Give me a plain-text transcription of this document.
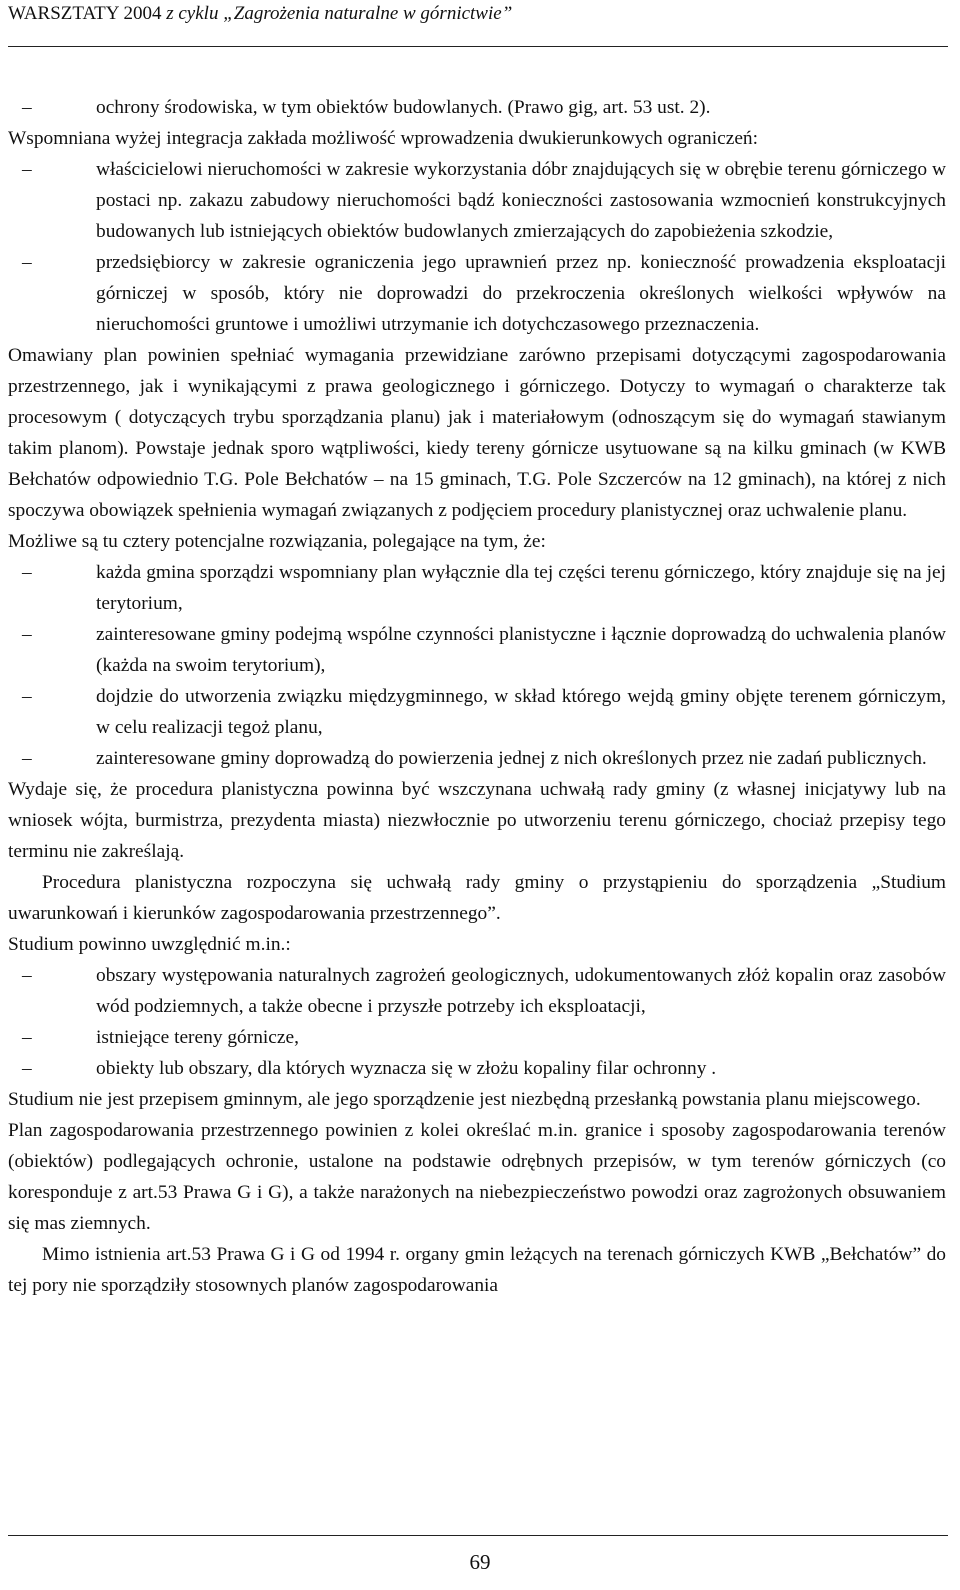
WARSZTATY 2004 z cyklu „Zagrożenia naturalne w górnictwie”
–	ochrony środowiska, w tym obiektów budowlanych. (Prawo gig, art. 53 ust. 2).

Wspomniana wyżej integracja zakłada możliwość wprowadzenia dwukierunkowych ograniczeń:

–	właścicielowi nieruchomości w zakresie wykorzystania dóbr znajdujących się w obrębie terenu górniczego w postaci np. zakazu zabudowy nieruchomości bądź konieczności zastosowania wzmocnień konstrukcyjnych budowanych lub istniejących obiektów budowlanych zmierzających do zapobieżenia szkodzie,
–	przedsiębiorcy w zakresie ograniczenia jego uprawnień przez np. konieczność prowadzenia eksploatacji górniczej w sposób, który nie doprowadzi do przekroczenia określonych wielkości wpływów na nieruchomości gruntowe i umożliwi utrzymanie ich dotychczasowego przeznaczenia.

Omawiany plan powinien spełniać wymagania przewidziane zarówno przepisami dotyczącymi zagospodarowania przestrzennego, jak i wynikającymi z prawa geologicznego i górniczego. Dotyczy to wymagań o charakterze tak procesowym ( dotyczących trybu sporządzania planu) jak i materiałowym (odnoszącym się do wymagań stawianym takim planom). Powstaje jednak sporo wątpliwości, kiedy tereny górnicze usytuowane są na kilku gminach (w KWB Bełchatów odpowiednio T.G. Pole Bełchatów – na 15 gminach, T.G. Pole Szczerców na 12 gminach), na której z nich spoczywa obowiązek spełnienia wymagań związanych z podjęciem procedury planistycznej oraz uchwalenie planu.

Możliwe są tu cztery potencjalne rozwiązania, polegające na tym, że:

–	każda gmina sporządzi wspomniany plan wyłącznie dla tej części terenu górniczego, który znajduje się na jej terytorium,
–	zainteresowane gminy podejmą wspólne czynności planistyczne i łącznie doprowadzą do uchwalenia planów (każda na swoim terytorium),
–	dojdzie do utworzenia związku międzygminnego, w skład którego wejdą gminy objęte terenem górniczym, w celu realizacji tegoż planu,
–	zainteresowane gminy doprowadzą do powierzenia jednej z nich określonych przez nie zadań publicznych.

Wydaje się, że procedura planistyczna powinna być wszczynana uchwałą rady gminy (z własnej inicjatywy lub na wniosek wójta, burmistrza, prezydenta miasta) niezwłocznie po utworzeniu terenu górniczego, chociaż przepisy tego terminu nie zakreślają.

Procedura planistyczna rozpoczyna się uchwałą rady gminy o przystąpieniu do sporządzenia „Studium uwarunkowań i kierunków zagospodarowania przestrzennego”.

Studium powinno uwzględnić m.in.:

–	obszary występowania naturalnych zagrożeń geologicznych, udokumentowanych złóż kopalin oraz zasobów wód podziemnych, a także obecne i przyszłe potrzeby ich eksploatacji,
–	istniejące tereny górnicze,
–	obiekty lub obszary, dla których wyznacza się w złożu kopaliny filar ochronny .

Studium nie jest przepisem gminnym, ale jego sporządzenie jest niezbędną przesłanką powstania planu miejscowego.

Plan zagospodarowania przestrzennego powinien z kolei określać m.in. granice i sposoby zagospodarowania terenów (obiektów) podlegających ochronie, ustalone na podstawie odrębnych przepisów, w tym terenów górniczych (co koresponduje z art.53 Prawa G i G), a także narażonych na niebezpieczeństwo powodzi oraz zagrożonych obsuwaniem się mas ziemnych.

Mimo istnienia art.53 Prawa G i G od 1994 r. organy gmin leżących na terenach górniczych KWB „Bełchatów” do tej pory nie sporządziły stosownych planów zagospodarowania

69
